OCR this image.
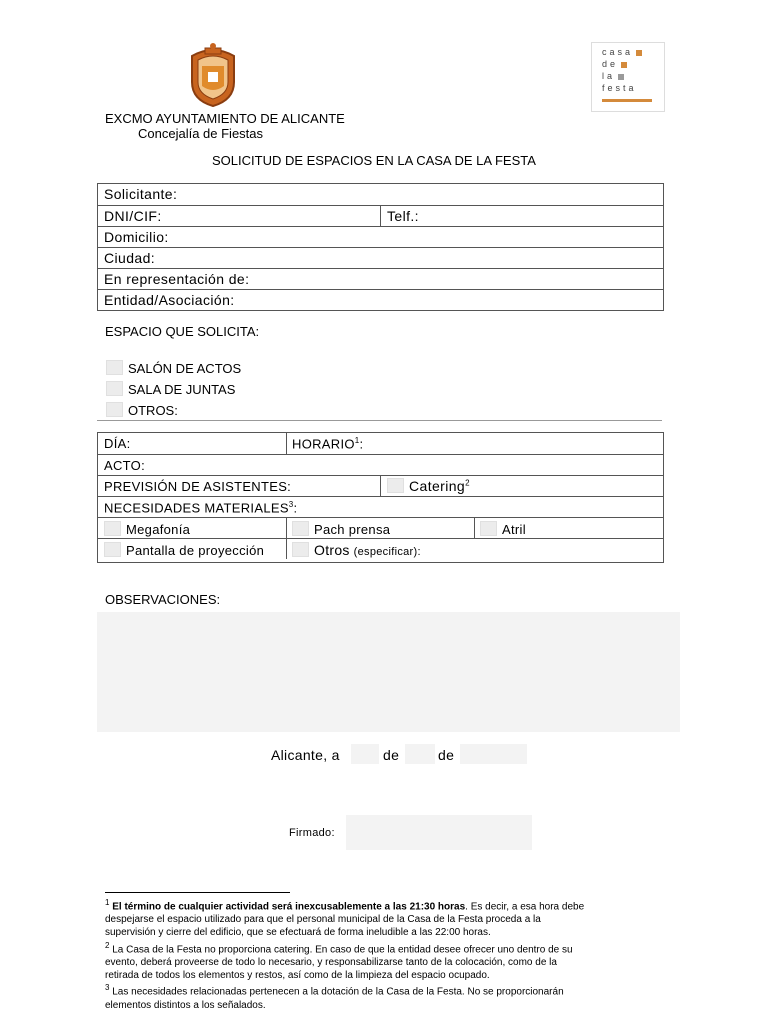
casa
de
la
festa
EXCMO AYUNTAMIENTO DE ALICANTE
Concejalía de Fiestas
SOLICITUD DE ESPACIOS EN LA CASA DE LA FESTA
Solicitante:
DNI/CIF:	Telf.:
Domicilio:
Ciudad:
En representación de:
Entidad/Asociación:
ESPACIO QUE SOLICITA:
SALÓN DE ACTOS
SALA DE JUNTAS
OTROS:
DÍA:	HORARIO$^1$:
ACTO:
PREVISIÓN DE ASISTENTES:	Catering$^2$
NECESIDADES MATERIALES$^3$:
Megafonía	Pach prensa	Atril
Pantalla de proyección	Otros (especificar):
OBSERVACIONES:
Alicante, a	de	de
Firmado:
$^1$ El término de cualquier actividad será inexcusablemente a las 21:30 horas. Es decir, a esa hora debe
despejarse el espacio utilizado para que el personal municipal de la Casa de la Festa proceda a la
supervisión y cierre del edificio, que se efectuará de forma ineludible a las 22:00 horas.
$^2$ La Casa de la Festa no proporciona catering. En caso de que la entidad desee ofrecer uno dentro de su
evento, deberá proveerse de todo lo necesario, y responsabilizarse tanto de la colocación, como de la
retirada de todos los elementos y restos, así como de la limpieza del espacio ocupado.
$^3$ Las necesidades relacionadas pertenecen a la dotación de la Casa de la Festa. No se proporcionarán
elementos distintos a los señalados.
